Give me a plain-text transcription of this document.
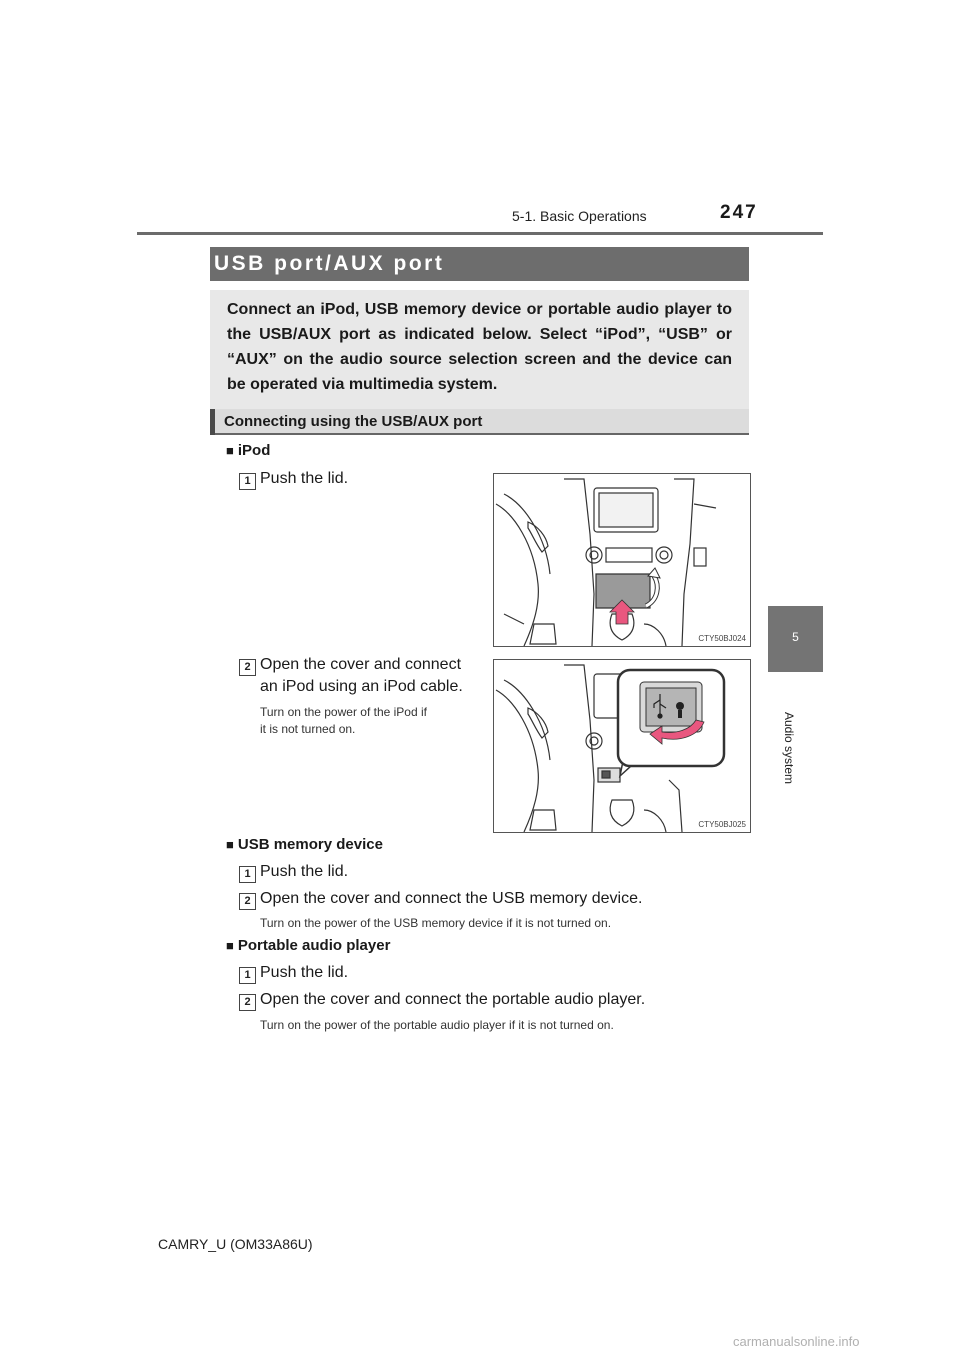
5-1. Basic Operations	247
5
Audio system
USB port/AUX port
Connect an iPod, USB memory device or portable audio player to the USB/AUX port as indicated below. Select “iPod”, “USB” or “AUX” on the audio source selection screen and the device can be operated via multimedia system.
Connecting using the USB/AUX port
■ iPod
1 Push the lid.
2 Open the cover and connect
an iPod using an iPod cable.
Turn on the power of the iPod if
it is not turned on.
CTY50BJ024
CTY50BJ025
■ USB memory device
1 Push the lid.
2 Open the cover and connect the USB memory device.
Turn on the power of the USB memory device if it is not turned on.
■ Portable audio player
1 Push the lid.
2 Open the cover and connect the portable audio player.
Turn on the power of the portable audio player if it is not turned on.
CAMRY_U (OM33A86U)
carmanualsonline.info
